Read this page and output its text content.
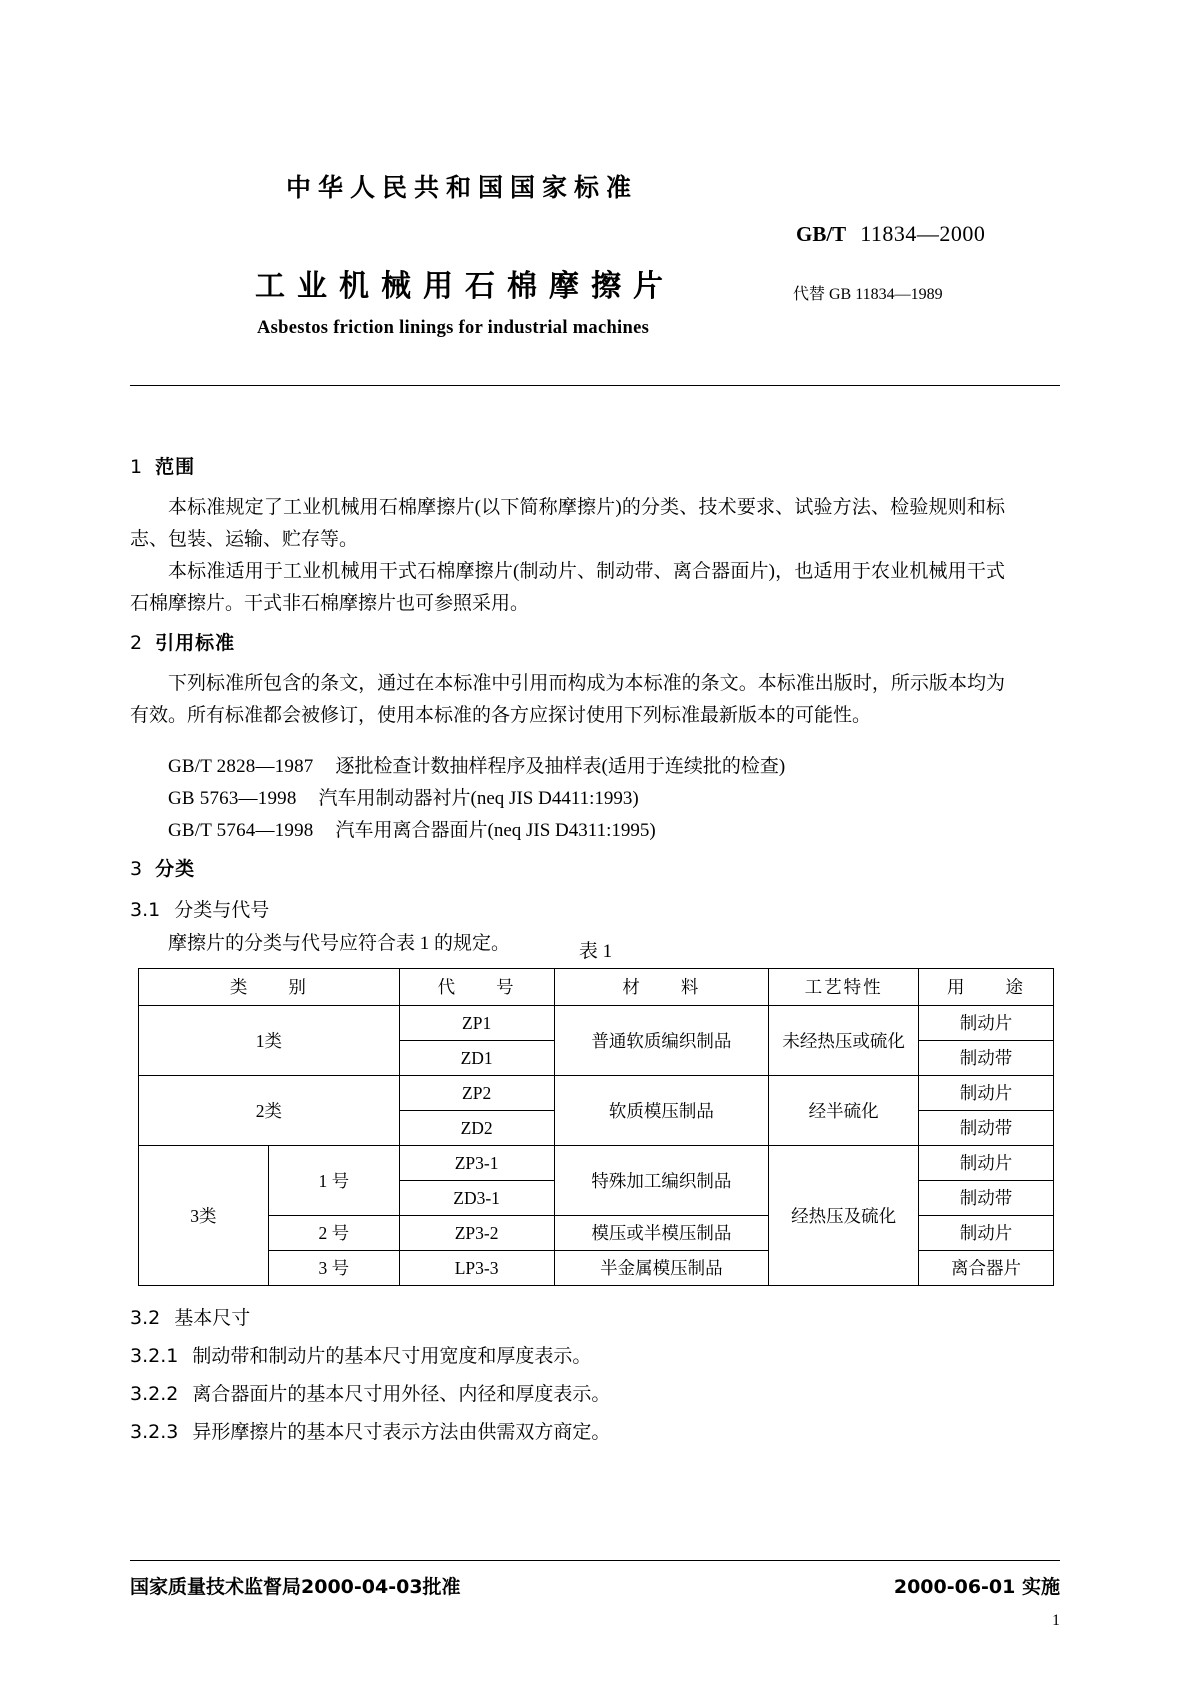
中华人民共和国国家标准
GB/T 11834—2000
工业机械用石棉摩擦片	代替 GB 11834—1989
Asbestos friction linings for industrial machines
1 范围
本标准规定了工业机械用石棉摩擦片(以下简称摩擦片)的分类、技术要求、试验方法、检验规则和标志、包装、运输、贮存等。
本标准适用于工业机械用干式石棉摩擦片(制动片、制动带、离合器面片)，也适用于农业机械用干式石棉摩擦片。干式非石棉摩擦片也可参照采用。
2 引用标准
下列标准所包含的条文，通过在本标准中引用而构成为本标准的条文。本标准出版时，所示版本均为有效。所有标准都会被修订，使用本标准的各方应探讨使用下列标准最新版本的可能性。
GB/T 2828—1987 逐批检查计数抽样程序及抽样表(适用于连续批的检查)
GB 5763—1998 汽车用制动器衬片(neq JIS D4411:1993)
GB/T 5764—1998 汽车用离合器面片(neq JIS D4311:1995)
3 分类
3.1 分类与代号
摩擦片的分类与代号应符合表 1 的规定。	表 1
类　　别		代　　号	材　　料	工艺特性	用　　途
1类		ZP1	普通软质编织制品	未经热压或硫化	制动片
		ZD1			制动带
2类		ZP2	软质模压制品	经半硫化	制动片
		ZD2			制动带
3类	1 号	ZP3-1	特殊加工编织制品	经热压及硫化	制动片
		ZD3-1			制动带
	2 号	ZP3-2	模压或半模压制品		制动片
	3 号	LP3-3	半金属模压制品		离合器片
3.2 基本尺寸
3.2.1 制动带和制动片的基本尺寸用宽度和厚度表示。
3.2.2 离合器面片的基本尺寸用外径、内径和厚度表示。
3.2.3 异形摩擦片的基本尺寸表示方法由供需双方商定。
国家质量技术监督局2000-04-03批准	2000-06-01 实施
1
